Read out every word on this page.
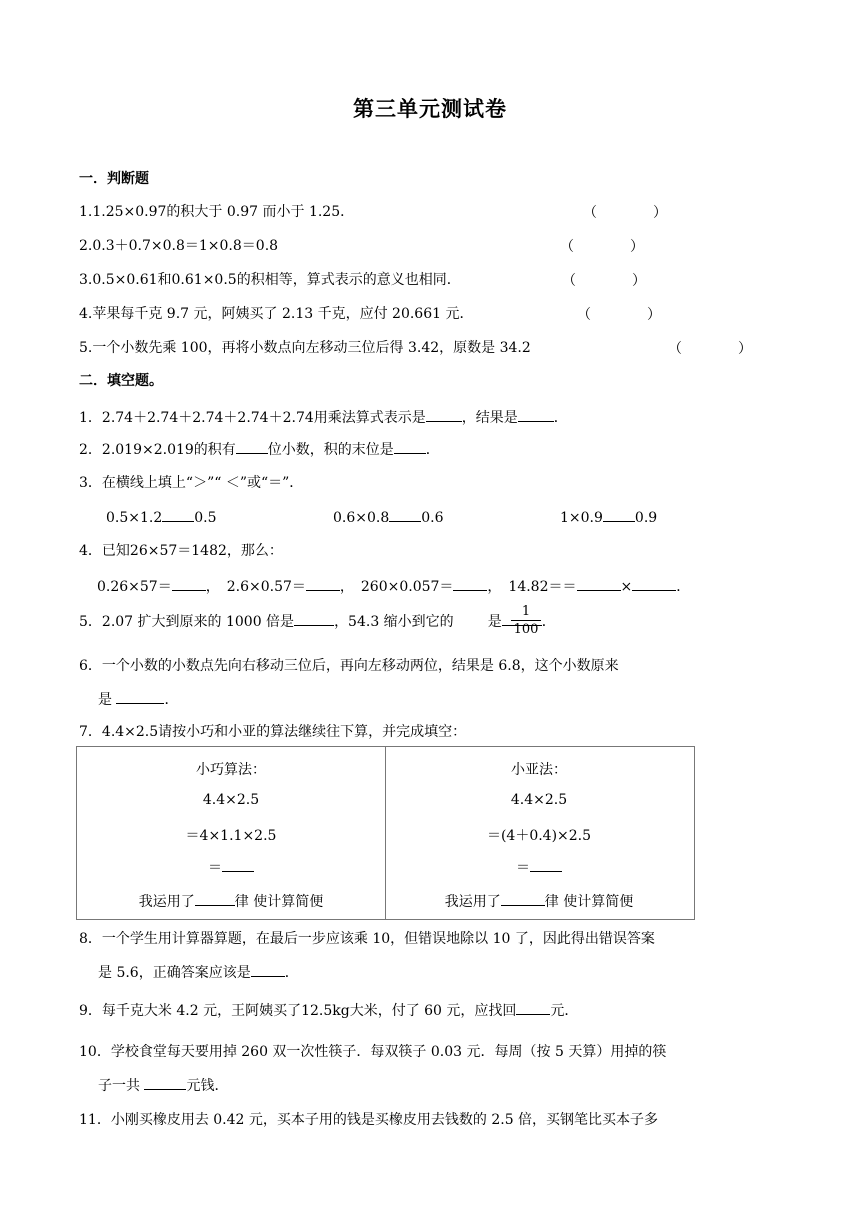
第三单元测试卷
一．判断题
1.1.25×0.97的积大于 0.97 而小于 1.25．	（　　　　）
2.0.3＋0.7×0.8＝1×0.8＝0.8	（　　　　）
3.0.5×0.61和0.61×0.5的积相等，算式表示的意义也相同．	（　　　　）
4.苹果每千克 9.7 元，阿姨买了 2.13 千克，应付 20.661 元．	（　　　　）
5.一个小数先乘 100，再将小数点向左移动三位后得 3.42，原数是 34.2	（　　　　）
二．填空题。
1．2.74＋2.74＋2.74＋2.74＋2.74用乘法算式表示是	，结果是	．
2．2.019×2.019的积有 位小数，积的末位是 ．
3．在横线上填上“＞”“ ＜”或“＝”．
0.5×1.2 0.5	0.6×0.8 0.6	1×0.9 0.9
4．已知26×57＝1482，那么：
0.26×57＝ ，　2.6×0.57＝ ，　260×0.057＝ ，　14.82＝＝	×	．
5．2.07 扩大到原来的 1000 倍是	，54.3 缩小到它的 是	．
$\frac{1}{100}$
6．一个小数的小数点先向右移动三位后，再向左移动两位，结果是 6.8，这个小数原来
是	．
7．4.4×2.5请按小巧和小亚的算法继续往下算，并完成填空：
小巧算法：
4.4×2.5
＝4×1.1×2.5
＝
我运用了	律 使计算简便
小亚法：
4.4×2.5
＝(4＋0.4)×2.5
＝
我运用了	律 使计算简便
8．一个学生用计算器算题，在最后一步应该乘 10，但错误地除以 10 了，因此得出错误答案
是 5.6，正确答案应该是 ．
9．每千克大米 4.2 元，王阿姨买了12.5kg大米，付了 60 元，应找回 元．
10．学校食堂每天要用掉 260 双一次性筷子．每双筷子 0.03 元．每周（按 5 天算）用掉的筷
子一共	元钱．
11．小刚买橡皮用去 0.42 元，买本子用的钱是买橡皮用去钱数的 2.5 倍，买钢笔比买本子多
